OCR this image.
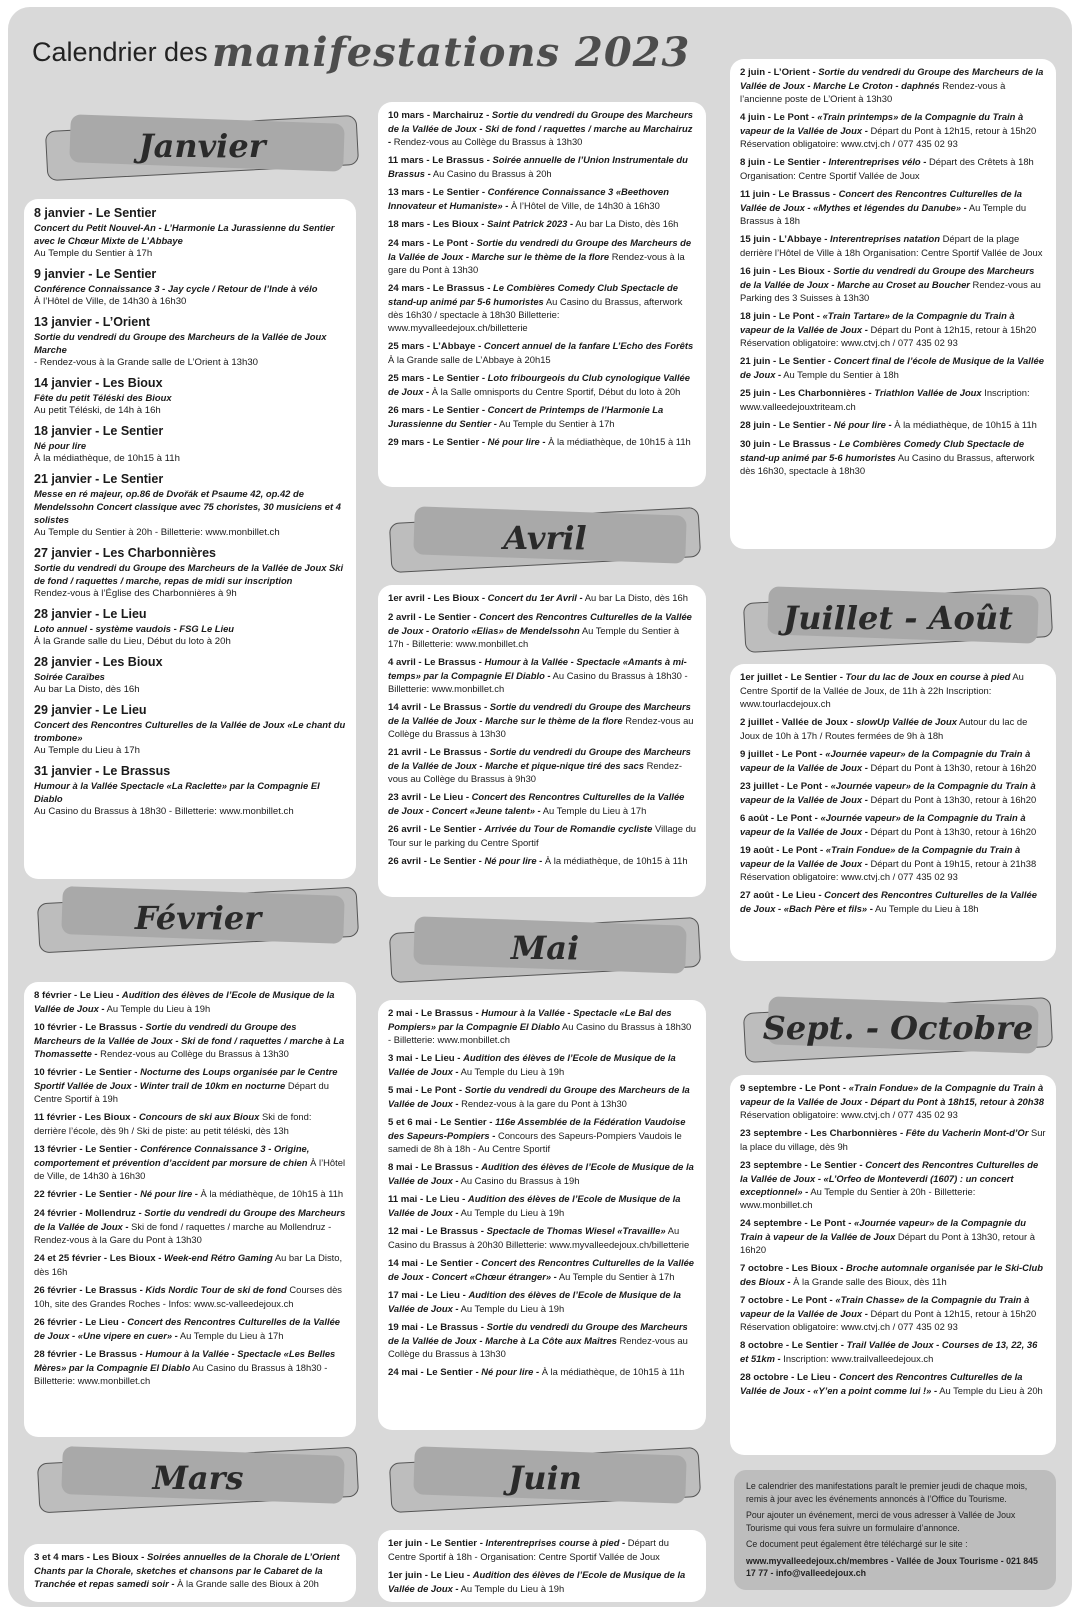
Calendrier des manifestations 2023
Janvier
8 janvier - Le Sentier
Concert du Petit Nouvel-An - L’Harmonie La Jurassienne du Sentier avec le Chœur Mixte de L’Abbaye
Au Temple du Sentier à 17h
9 janvier - Le Sentier
Conférence Connaissance 3 - Jay cycle / Retour de l’Inde à vélo
À l’Hôtel de Ville, de 14h30 à 16h30
13 janvier - L’Orient
Sortie du vendredi du Groupe des Marcheurs de la Vallée de Joux Marche
- Rendez-vous à la Grande salle de L’Orient à 13h30
14 janvier - Les Bioux
Fête du petit Téléski des Bioux
Au petit Téléski, de 14h à 16h
18 janvier - Le Sentier
Né pour lire
À la médiathèque, de 10h15 à 11h
21 janvier - Le Sentier
Messe en ré majeur, op.86 de Dvořák et Psaume 42, op.42 de Mendelssohn Concert classique avec 75 choristes, 30 musiciens et 4 solistes
Au Temple du Sentier à 20h - Billetterie: www.monbillet.ch
27 janvier - Les Charbonnières
Sortie du vendredi du Groupe des Marcheurs de la Vallée de Joux Ski de fond / raquettes / marche, repas de midi sur inscription
Rendez-vous à l’Église des Charbonnières à 9h
28 janvier - Le Lieu
Loto annuel - système vaudois - FSG Le Lieu
À la Grande salle du Lieu, Début du loto à 20h
28 janvier - Les Bioux
Soirée Caraïbes
Au bar La Disto, dès 16h
29 janvier - Le Lieu
Concert des Rencontres Culturelles de la Vallée de Joux «Le chant du trombone»
Au Temple du Lieu à 17h
31 janvier - Le Brassus
Humour à la Vallée Spectacle «La Raclette» par la Compagnie El Diablo
Au Casino du Brassus à 18h30 - Billetterie: www.monbillet.ch
Février
8 février - Le Lieu - Audition des élèves de l’Ecole de Musique de la Vallée de Joux - Au Temple du Lieu à 19h
10 février - Le Brassus - Sortie du vendredi du Groupe des Marcheurs de la Vallée de Joux - Ski de fond / raquettes / marche à La Thomassette - Rendez-vous au Collège du Brassus à 13h30
10 février - Le Sentier - Nocturne des Loups organisée par le Centre Sportif Vallée de Joux - Winter trail de 10km en nocturne Départ du Centre Sportif à 19h
11 février - Les Bioux - Concours de ski aux Bioux Ski de fond: derrière l’école, dès 9h / Ski de piste: au petit téléski, dès 13h
13 février - Le Sentier - Conférence Connaissance 3 - Origine, comportement et prévention d’accident par morsure de chien À l’Hôtel de Ville, de 14h30 à 16h30
22 février - Le Sentier - Né pour lire - À la médiathèque, de 10h15 à 11h
24 février - Mollendruz - Sortie du vendredi du Groupe des Marcheurs de la Vallée de Joux - Ski de fond / raquettes / marche au Mollendruz - Rendez-vous à la Gare du Pont à 13h30
24 et 25 février - Les Bioux - Week-end Rétro Gaming Au bar La Disto, dès 16h
26 février - Le Brassus - Kids Nordic Tour de ski de fond Courses dès 10h, site des Grandes Roches - Infos: www.sc-valleedejoux.ch
26 février - Le Lieu - Concert des Rencontres Culturelles de la Vallée de Joux - «Une vipere en cuer» - Au Temple du Lieu à 17h
28 février - Le Brassus - Humour à la Vallée - Spectacle «Les Belles Mères» par la Compagnie El Diablo Au Casino du Brassus à 18h30 - Billetterie: www.monbillet.ch
Mars
3 et 4 mars - Les Bioux - Soirées annuelles de la Chorale de L’Orient Chants par la Chorale, sketches et chansons par le Cabaret de la Tranchée et repas samedi soir - À la Grande salle des Bioux à 20h
10 mars - Marchairuz - Sortie du vendredi du Groupe des Marcheurs de la Vallée de Joux - Ski de fond / raquettes / marche au Marchairuz - Rendez-vous au Collège du Brassus à 13h30
11 mars - Le Brassus - Soirée annuelle de l’Union Instrumentale du Brassus - Au Casino du Brassus à 20h
13 mars - Le Sentier - Conférence Connaissance 3 «Beethoven Innovateur et Humaniste» - À l’Hôtel de Ville, de 14h30 à 16h30
18 mars - Les Bioux - Saint Patrick 2023 - Au bar La Disto, dès 16h
24 mars - Le Pont - Sortie du vendredi du Groupe des Marcheurs de la Vallée de Joux - Marche sur le thème de la flore Rendez-vous à la gare du Pont à 13h30
24 mars - Le Brassus - Le Combières Comedy Club Spectacle de stand-up animé par 5-6 humoristes Au Casino du Brassus, afterwork dès 16h30 / spectacle à 18h30 Billetterie: www.myvalleedejoux.ch/billetterie
25 mars - L’Abbaye - Concert annuel de la fanfare L’Echo des Forêts À la Grande salle de L’Abbaye à 20h15
25 mars - Le Sentier - Loto fribourgeois du Club cynologique Vallée de Joux - À la Salle omnisports du Centre Sportif, Début du loto à 20h
26 mars - Le Sentier - Concert de Printemps de l’Harmonie La Jurassienne du Sentier - Au Temple du Sentier à 17h
29 mars - Le Sentier - Né pour lire - À la médiathèque, de 10h15 à 11h
Avril
1er avril - Les Bioux - Concert du 1er Avril - Au bar La Disto, dès 16h
2 avril - Le Sentier - Concert des Rencontres Culturelles de la Vallée de Joux - Oratorio «Elias» de Mendelssohn Au Temple du Sentier à 17h - Billetterie: www.monbillet.ch
4 avril - Le Brassus - Humour à la Vallée - Spectacle «Amants à mi-temps» par la Compagnie El Diablo - Au Casino du Brassus à 18h30 - Billetterie: www.monbillet.ch
14 avril - Le Brassus - Sortie du vendredi du Groupe des Marcheurs de la Vallée de Joux - Marche sur le thème de la flore Rendez-vous au Collège du Brassus à 13h30
21 avril - Le Brassus - Sortie du vendredi du Groupe des Marcheurs de la Vallée de Joux - Marche et pique-nique tiré des sacs Rendez-vous au Collège du Brassus à 9h30
23 avril - Le Lieu - Concert des Rencontres Culturelles de la Vallée de Joux - Concert «Jeune talent» - Au Temple du Lieu à 17h
26 avril - Le Sentier - Arrivée du Tour de Romandie cycliste Village du Tour sur le parking du Centre Sportif
26 avril - Le Sentier - Né pour lire - À la médiathèque, de 10h15 à 11h
Mai
2 mai - Le Brassus - Humour à la Vallée - Spectacle «Le Bal des Pompiers» par la Compagnie El Diablo Au Casino du Brassus à 18h30 - Billetterie: www.monbillet.ch
3 mai - Le Lieu - Audition des élèves de l’Ecole de Musique de la Vallée de Joux - Au Temple du Lieu à 19h
5 mai - Le Pont - Sortie du vendredi du Groupe des Marcheurs de la Vallée de Joux - Rendez-vous à la gare du Pont à 13h30
5 et 6 mai - Le Sentier - 116e Assemblée de la Fédération Vaudoise des Sapeurs-Pompiers - Concours des Sapeurs-Pompiers Vaudois le samedi de 8h à 18h - Au Centre Sportif
8 mai - Le Brassus - Audition des élèves de l’Ecole de Musique de la Vallée de Joux - Au Casino du Brassus à 19h
11 mai - Le Lieu - Audition des élèves de l’Ecole de Musique de la Vallée de Joux - Au Temple du Lieu à 19h
12 mai - Le Brassus - Spectacle de Thomas Wiesel «Travaille» Au Casino du Brassus à 20h30 Billetterie: www.myvalleedejoux.ch/billetterie
14 mai - Le Sentier - Concert des Rencontres Culturelles de la Vallée de Joux - Concert «Chœur étranger» - Au Temple du Sentier à 17h
17 mai - Le Lieu - Audition des élèves de l’Ecole de Musique de la Vallée de Joux - Au Temple du Lieu à 19h
19 mai - Le Brassus - Sortie du vendredi du Groupe des Marcheurs de la Vallée de Joux - Marche à La Côte aux Maîtres Rendez-vous au Collège du Brassus à 13h30
24 mai - Le Sentier - Né pour lire - À la médiathèque, de 10h15 à 11h
Juin
1er juin - Le Sentier - Interentreprises course à pied - Départ du Centre Sportif à 18h - Organisation: Centre Sportif Vallée de Joux
1er juin - Le Lieu - Audition des élèves de l’Ecole de Musique de la Vallée de Joux - Au Temple du Lieu à 19h
2 juin - L’Orient - Sortie du vendredi du Groupe des Marcheurs de la Vallée de Joux - Marche Le Croton - daphnés Rendez-vous à l’ancienne poste de L’Orient à 13h30
4 juin - Le Pont - «Train printemps» de la Compagnie du Train à vapeur de la Vallée de Joux - Départ du Pont à 12h15, retour à 15h20 Réservation obligatoire: www.ctvj.ch / 077 435 02 93
8 juin - Le Sentier - Interentreprises vélo - Départ des Crêtets à 18h Organisation: Centre Sportif Vallée de Joux
11 juin - Le Brassus - Concert des Rencontres Culturelles de la Vallée de Joux - «Mythes et légendes du Danube» - Au Temple du Brassus à 18h
15 juin - L’Abbaye - Interentreprises natation Départ de la plage derrière l’Hôtel de Ville à 18h Organisation: Centre Sportif Vallée de Joux
16 juin - Les Bioux - Sortie du vendredi du Groupe des Marcheurs de la Vallée de Joux - Marche au Croset au Boucher Rendez-vous au Parking des 3 Suisses à 13h30
18 juin - Le Pont - «Train Tartare» de la Compagnie du Train à vapeur de la Vallée de Joux - Départ du Pont à 12h15, retour à 15h20 Réservation obligatoire: www.ctvj.ch / 077 435 02 93
21 juin - Le Sentier - Concert final de l’école de Musique de la Vallée de Joux - Au Temple du Sentier à 18h
25 juin - Les Charbonnières - Triathlon Vallée de Joux Inscription: www.valleedejouxtriteam.ch
28 juin - Le Sentier - Né pour lire - À la médiathèque, de 10h15 à 11h
30 juin - Le Brassus - Le Combières Comedy Club Spectacle de stand-up animé par 5-6 humoristes Au Casino du Brassus, afterwork dès 16h30, spectacle à 18h30
Juillet - Août
1er juillet - Le Sentier - Tour du lac de Joux en course à pied Au Centre Sportif de la Vallée de Joux, de 11h à 22h Inscription: www.tourlacdejoux.ch
2 juillet - Vallée de Joux - slowUp Vallée de Joux Autour du lac de Joux de 10h à 17h / Routes fermées de 9h à 18h
9 juillet - Le Pont - «Journée vapeur» de la Compagnie du Train à vapeur de la Vallée de Joux - Départ du Pont à 13h30, retour à 16h20
23 juillet - Le Pont - «Journée vapeur» de la Compagnie du Train à vapeur de la Vallée de Joux - Départ du Pont à 13h30, retour à 16h20
6 août - Le Pont - «Journée vapeur» de la Compagnie du Train à vapeur de la Vallée de Joux - Départ du Pont à 13h30, retour à 16h20
19 août - Le Pont - «Train Fondue» de la Compagnie du Train à vapeur de la Vallée de Joux - Départ du Pont à 19h15, retour à 21h38 Réservation obligatoire: www.ctvj.ch / 077 435 02 93
27 août - Le Lieu - Concert des Rencontres Culturelles de la Vallée de Joux - «Bach Père et fils» - Au Temple du Lieu à 18h
Sept. - Octobre
9 septembre - Le Pont - «Train Fondue» de la Compagnie du Train à vapeur de la Vallée de Joux - Départ du Pont à 18h15, retour à 20h38 Réservation obligatoire: www.ctvj.ch / 077 435 02 93
23 septembre - Les Charbonnières - Fête du Vacherin Mont-d’Or Sur la place du village, dès 9h
23 septembre - Le Sentier - Concert des Rencontres Culturelles de la Vallée de Joux - «L’Orfeo de Monteverdi (1607) : un concert exceptionnel» - Au Temple du Sentier à 20h - Billetterie: www.monbillet.ch
24 septembre - Le Pont - «Journée vapeur» de la Compagnie du Train à vapeur de la Vallée de Joux Départ du Pont à 13h30, retour à 16h20
7 octobre - Les Bioux - Broche automnale organisée par le Ski-Club des Bioux - À la Grande salle des Bioux, dès 11h
7 octobre - Le Pont - «Train Chasse» de la Compagnie du Train à vapeur de la Vallée de Joux - Départ du Pont à 12h15, retour à 15h20 Réservation obligatoire: www.ctvj.ch / 077 435 02 93
8 octobre - Le Sentier - Trail Vallée de Joux - Courses de 13, 22, 36 et 51km - Inscription: www.trailvalleedejoux.ch
28 octobre - Le Lieu - Concert des Rencontres Culturelles de la Vallée de Joux - «Y’en a point comme lui !» - Au Temple du Lieu à 20h

Le calendrier des manifestations paraît le premier jeudi de chaque mois, remis à jour avec les événements annoncés à l’Office du Tourisme.

Pour ajouter un événement, merci de vous adresser à Vallée de Joux Tourisme qui vous fera suivre un formulaire d’annonce.

Ce document peut également être téléchargé sur le site :

www.myvalleedejoux.ch/membres - Vallée de Joux Tourisme - 021 845 17 77 - info@valleedejoux.ch
